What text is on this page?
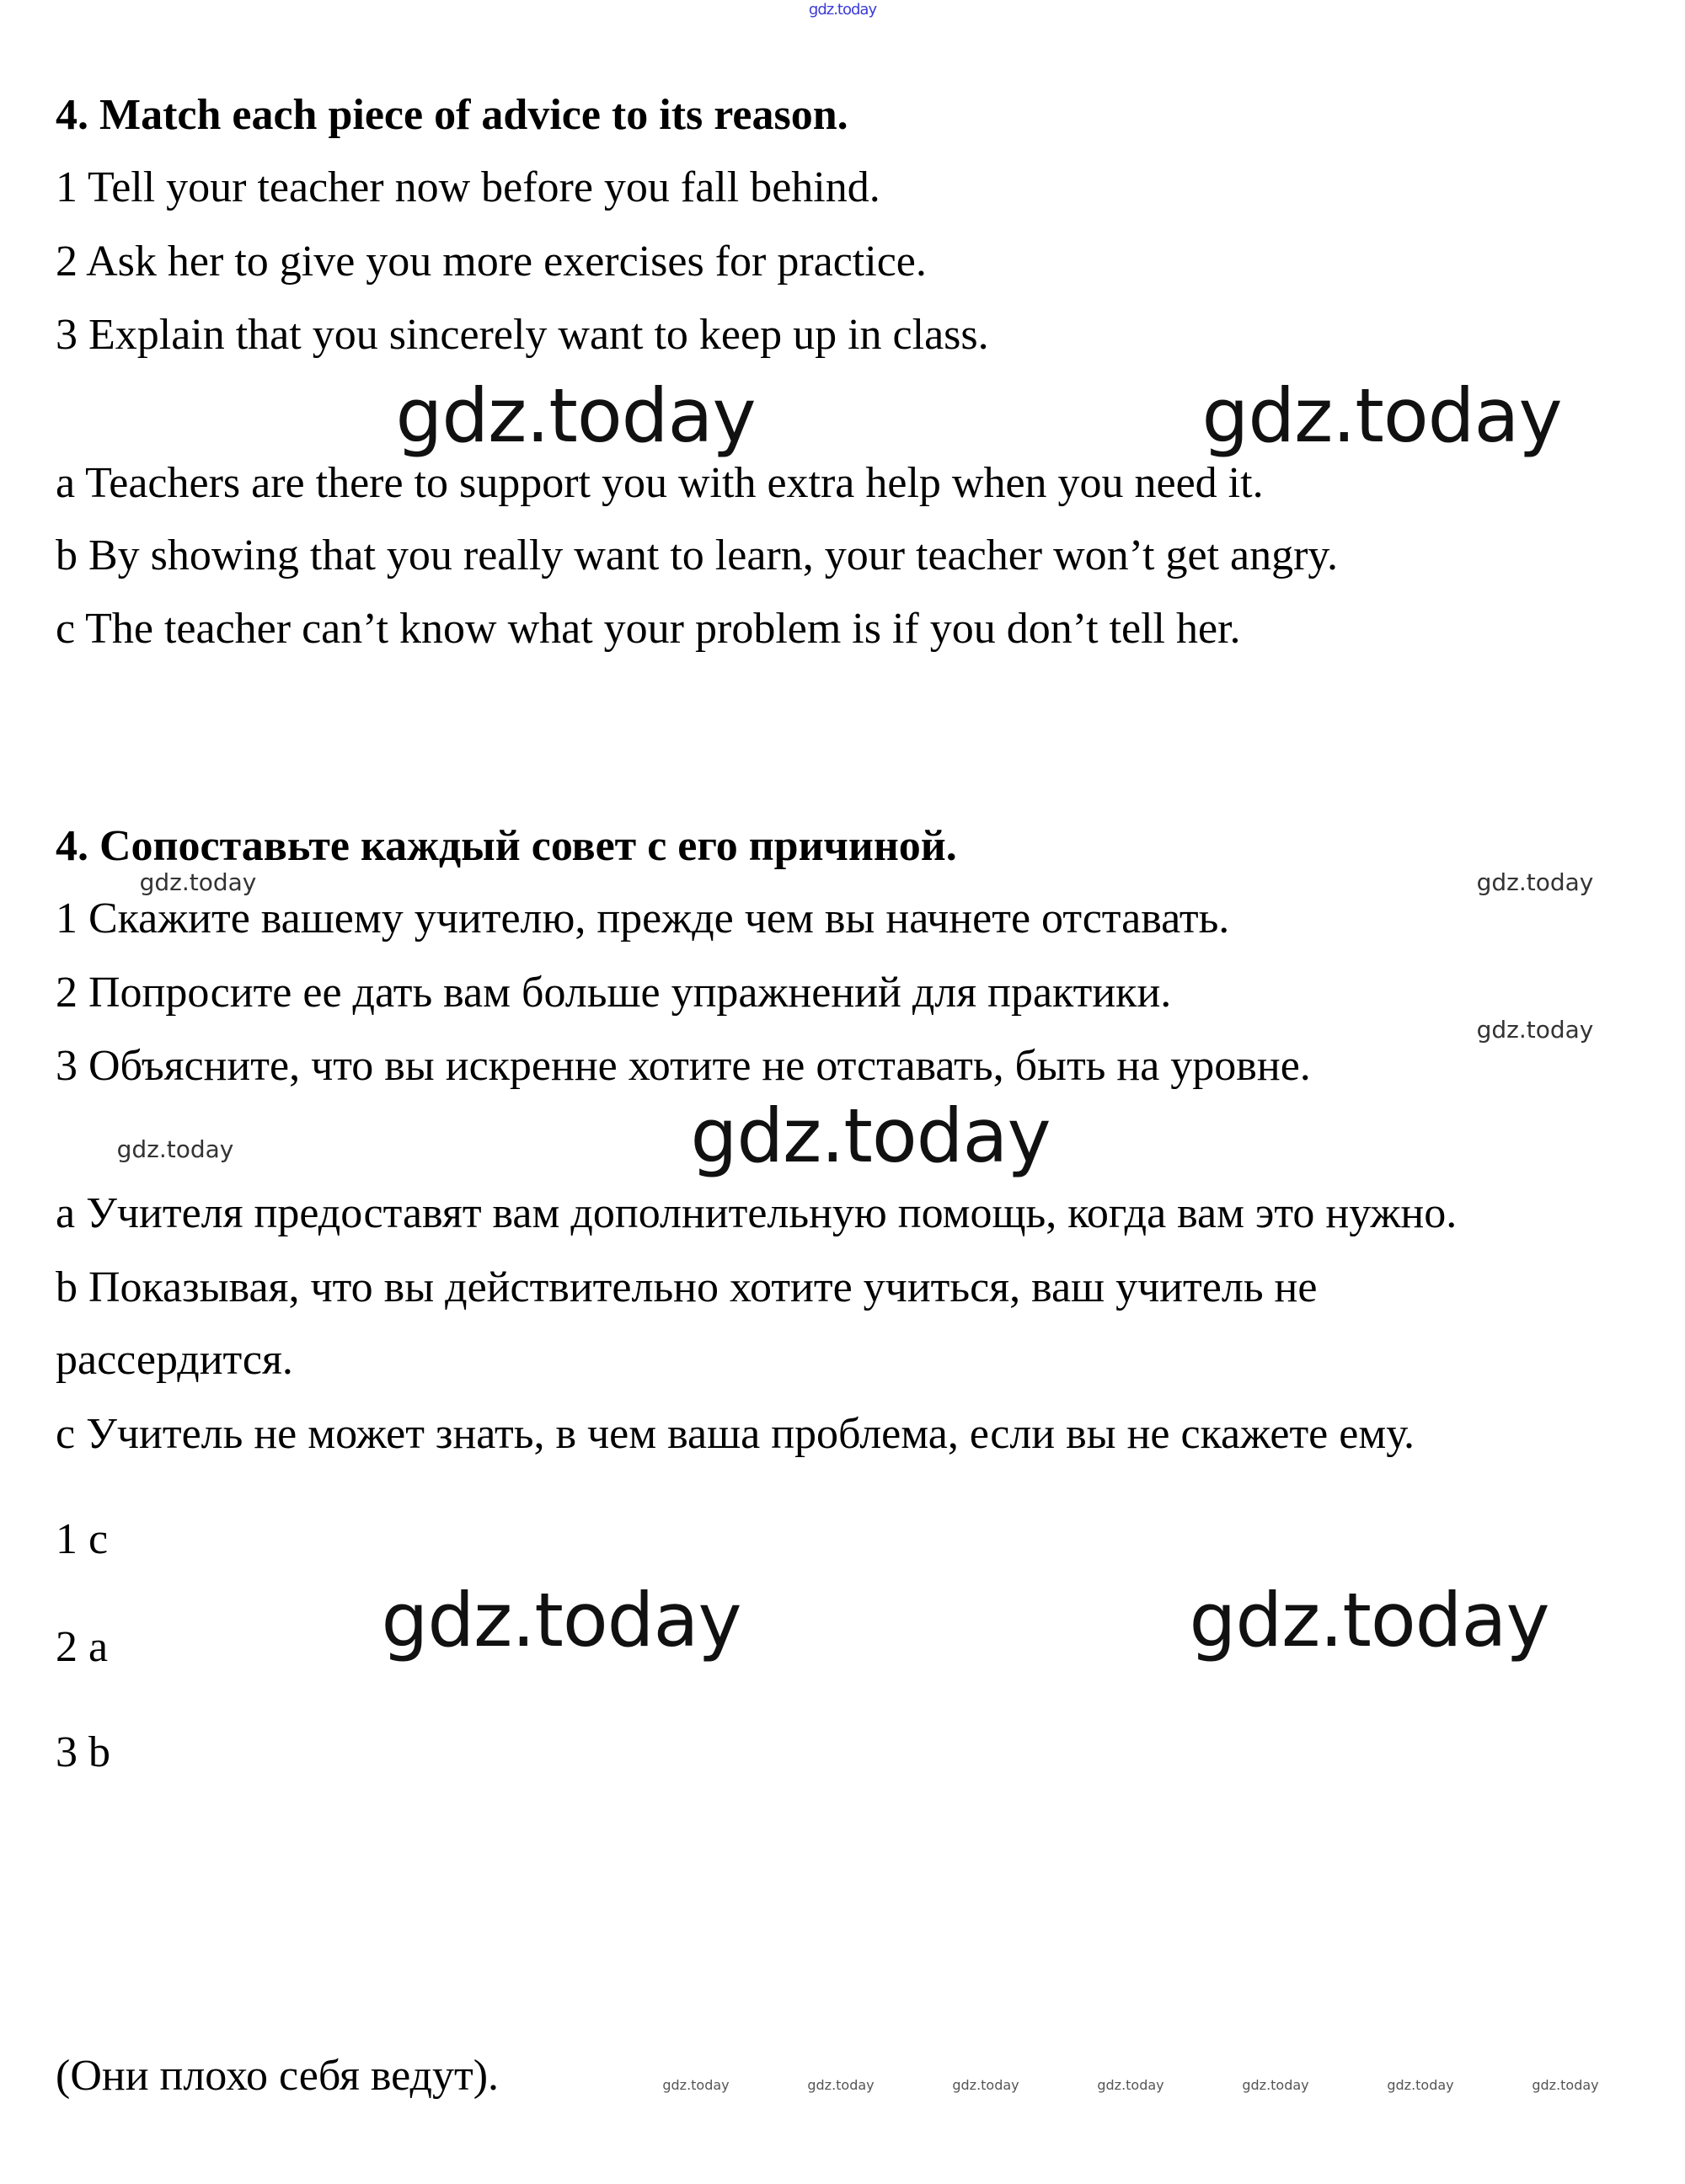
gdz.today
4. Match each piece of advice to its reason.
1 Tell your teacher now before you fall behind.
2 Ask her to give you more exercises for practice.
3 Explain that you sincerely want to keep up in class.
gdz.today	gdz.today
a Teachers are there to support you with extra help when you need it.
b By showing that you really want to learn, your teacher won’t get angry.
c The teacher can’t know what your problem is if you don’t tell her.
4. Сопоставьте каждый совет с его причиной.
gdz.today	gdz.today
1 Скажите вашему учителю, прежде чем вы начнете отставать.
2 Попросите ее дать вам больше упражнений для практики.
gdz.today
3 Объясните, что вы искренне хотите не отставать, быть на уровне.
gdz.today
gdz.today
a Учителя предоставят вам дополнительную помощь, когда вам это нужно.
b Показывая, что вы действительно хотите учиться, ваш учитель не
рассердится.
c Учитель не может знать, в чем ваша проблема, если вы не скажете ему.
1 c
2 a
3 b
gdz.today	gdz.today
(Они плохо себя ведут).	gdz.today	gdz.today	gdz.today	gdz.today	gdz.today	gdz.today	gdz.today
